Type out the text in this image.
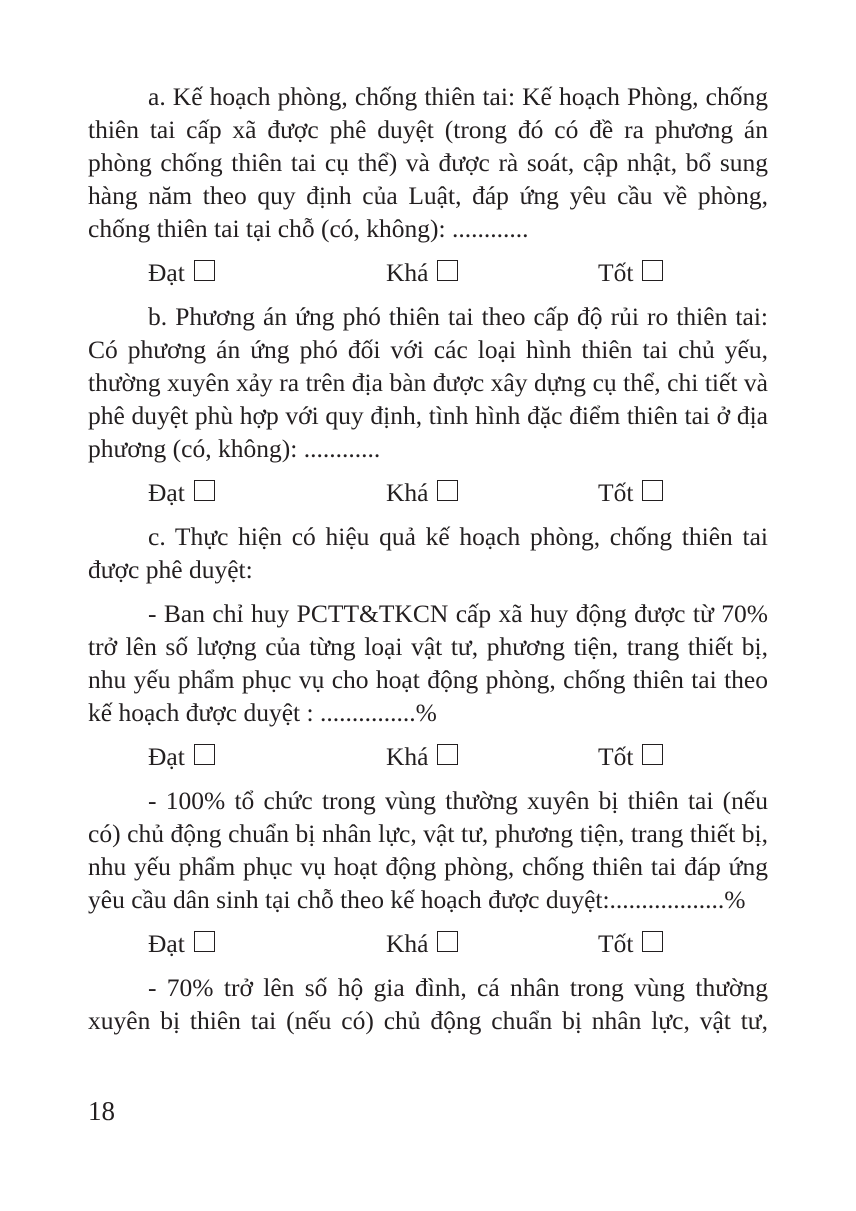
a. Kế hoạch phòng, chống thiên tai: Kế hoạch Phòng, chống thiên tai cấp xã được phê duyệt (trong đó có đề ra phương án phòng chống thiên tai cụ thể) và được rà soát, cập nhật, bổ sung hàng năm theo quy định của Luật, đáp ứng yêu cầu về phòng, chống thiên tai tại chỗ (có, không): ............

Đạt	Khá	Tốt

b. Phương án ứng phó thiên tai theo cấp độ rủi ro thiên tai: Có phương án ứng phó đối với các loại hình thiên tai chủ yếu, thường xuyên xảy ra trên địa bàn được xây dựng cụ thể, chi tiết và phê duyệt phù hợp với quy định, tình hình đặc điểm thiên tai ở địa phương (có, không): ............

Đạt	Khá	Tốt

c. Thực hiện có hiệu quả kế hoạch phòng, chống thiên tai được phê duyệt:

- Ban chỉ huy PCTT&TKCN cấp xã huy động được từ 70% trở lên số lượng của từng loại vật tư, phương tiện, trang thiết bị, nhu yếu phẩm phục vụ cho hoạt động phòng, chống thiên tai theo kế hoạch được duyệt : ...............%

Đạt	Khá	Tốt

- 100% tổ chức trong vùng thường xuyên bị thiên tai (nếu có) chủ động chuẩn bị nhân lực, vật tư, phương tiện, trang thiết bị, nhu yếu phẩm phục vụ hoạt động phòng, chống thiên tai đáp ứng yêu cầu dân sinh tại chỗ theo kế hoạch được duyệt:..................%

Đạt	Khá	Tốt

- 70% trở lên số hộ gia đình, cá nhân trong vùng thường xuyên bị thiên tai (nếu có) chủ động chuẩn bị nhân lực, vật tư,

18
